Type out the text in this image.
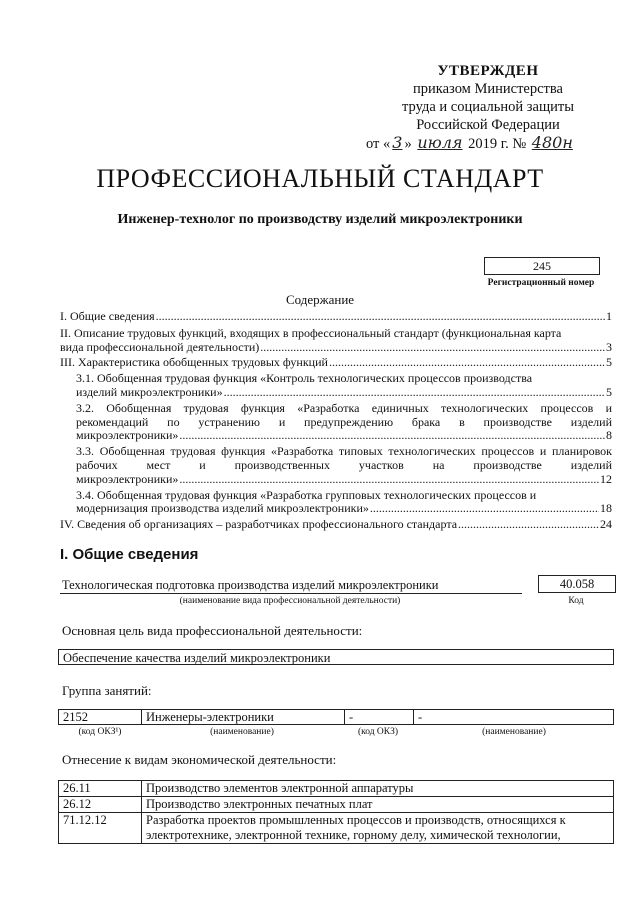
УТВЕРЖДЕН
приказом Министерства
труда и социальной защиты
Российской Федерации
от « 3 » июля 2019 г. № 480н
ПРОФЕССИОНАЛЬНЫЙ СТАНДАРТ
Инженер-технолог по производству изделий микроэлектроники
245
Регистрационный номер
Содержание
I. Общие сведения .....	1
II. Описание трудовых функций, входящих в профессиональный стандарт (функциональная карта
вида профессиональной деятельности) .....	3
III. Характеристика обобщенных трудовых функций .....	5
3.1. Обобщенная трудовая функция «Контроль технологических процессов производства
изделий микроэлектроники» .....	5
3.2. Обобщенная трудовая функция «Разработка единичных технологических процессов и рекомендаций по устранению и предупреждению брака в производстве изделий
микроэлектроники» .....	8
3.3. Обобщенная трудовая функция «Разработка типовых технологических процессов и планировок рабочих мест и производственных участков на производстве изделий
микроэлектроники» .....	12
3.4. Обобщенная трудовая функция «Разработка групповых технологических процессов и
модернизация производства изделий микроэлектроники» .....	18
IV. Сведения об организациях – разработчиках профессионального стандарта .....	24
I. Общие сведения
Технологическая подготовка производства изделий микроэлектроники
(наименование вида профессиональной деятельности)
40.058
Код
Основная цель вида профессиональной деятельности:
Обеспечение качества изделий микроэлектроники
Группа занятий:
2152	Инженеры-электроники	-	-
(код ОКЗ¹)	(наименование)	(код ОКЗ)	(наименование)
Отнесение к видам экономической деятельности:
26.11	Производство элементов электронной аппаратуры
26.12	Производство электронных печатных плат
71.12.12	Разработка проектов промышленных процессов и производств, относящихся к электротехнике, электронной технике, горному делу, химической технологии,
